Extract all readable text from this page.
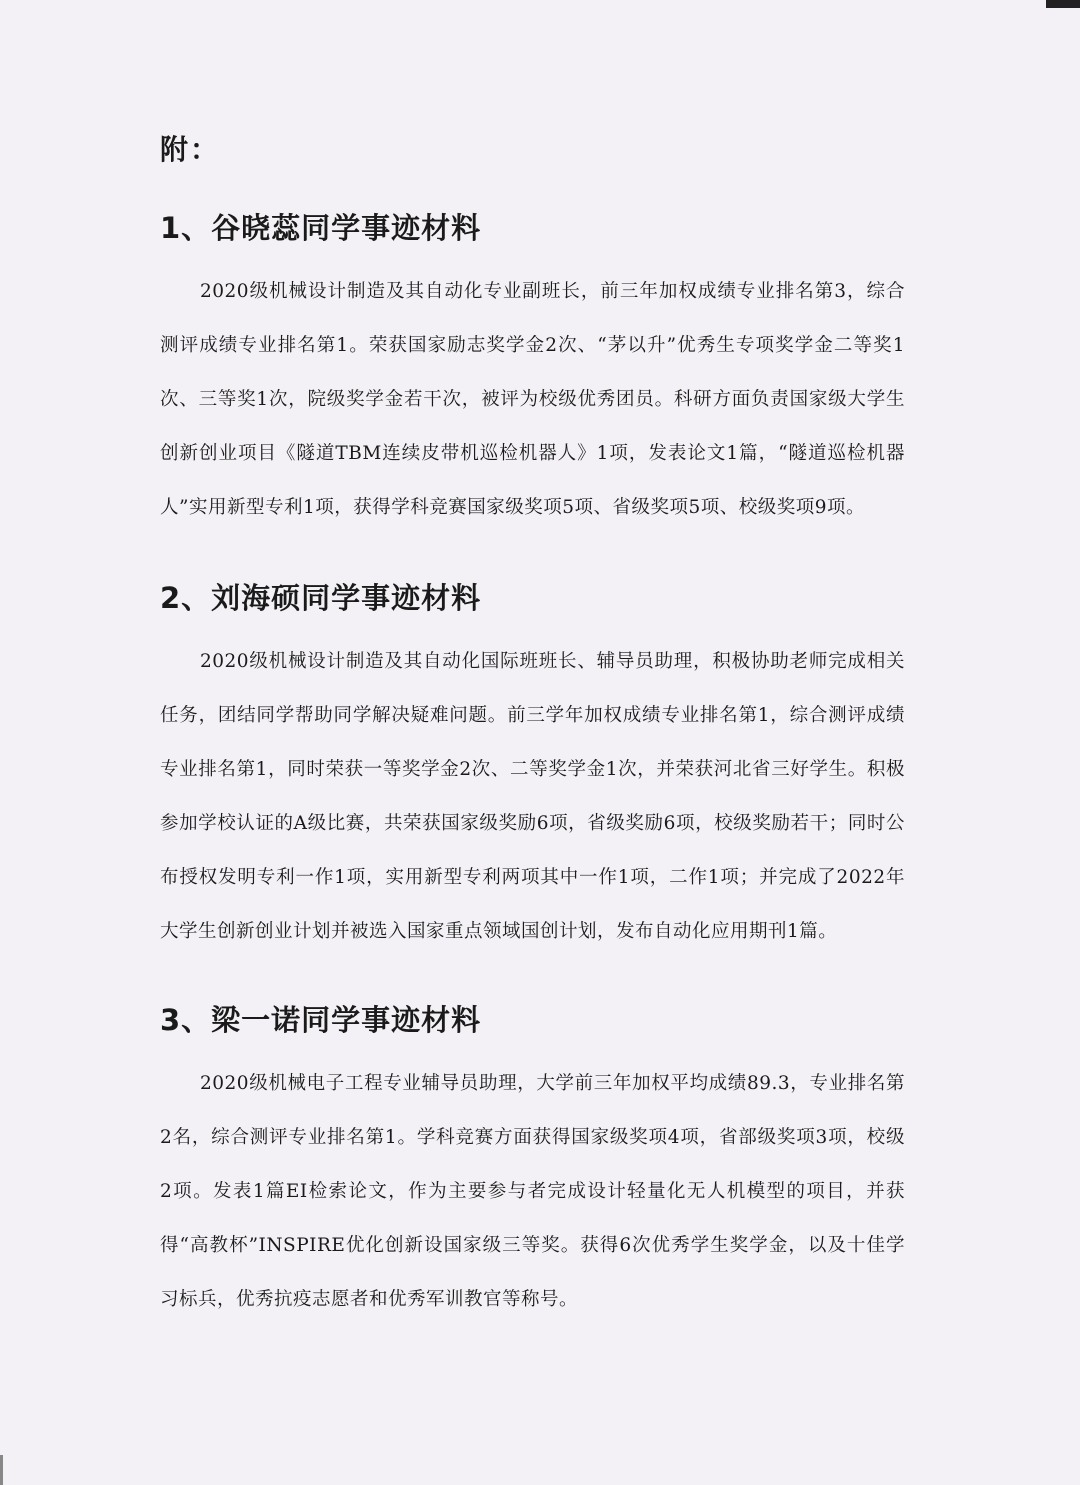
附：
1、谷晓蕊同学事迹材料

2020级机械设计制造及其自动化专业副班长，前三年加权成绩专业排名第3，综合测评成绩专业排名第1。荣获国家励志奖学金2次、“茅以升”优秀生专项奖学金二等奖1次、三等奖1次，院级奖学金若干次，被评为校级优秀团员。科研方面负责国家级大学生创新创业项目《隧道TBM连续皮带机巡检机器人》1项，发表论文1篇，“隧道巡检机器人”实用新型专利1项，获得学科竞赛国家级奖项5项、省级奖项5项、校级奖项9项。

2、刘海硕同学事迹材料

2020级机械设计制造及其自动化国际班班长、辅导员助理，积极协助老师完成相关任务，团结同学帮助同学解决疑难问题。前三学年加权成绩专业排名第1，综合测评成绩专业排名第1，同时荣获一等奖学金2次、二等奖学金1次，并荣获河北省三好学生。积极参加学校认证的A级比赛，共荣获国家级奖励6项，省级奖励6项，校级奖励若干；同时公布授权发明专利一作1项，实用新型专利两项其中一作1项，二作1项；并完成了2022年大学生创新创业计划并被选入国家重点领域国创计划，发布自动化应用期刊1篇。

3、梁一诺同学事迹材料

2020级机械电子工程专业辅导员助理，大学前三年加权平均成绩89.3，专业排名第2名，综合测评专业排名第1。学科竞赛方面获得国家级奖项4项，省部级奖项3项，校级2项。发表1篇EI检索论文，作为主要参与者完成设计轻量化无人机模型的项目，并获得“高教杯”INSPIRE优化创新设国家级三等奖。获得6次优秀学生奖学金，以及十佳学习标兵，优秀抗疫志愿者和优秀军训教官等称号。
